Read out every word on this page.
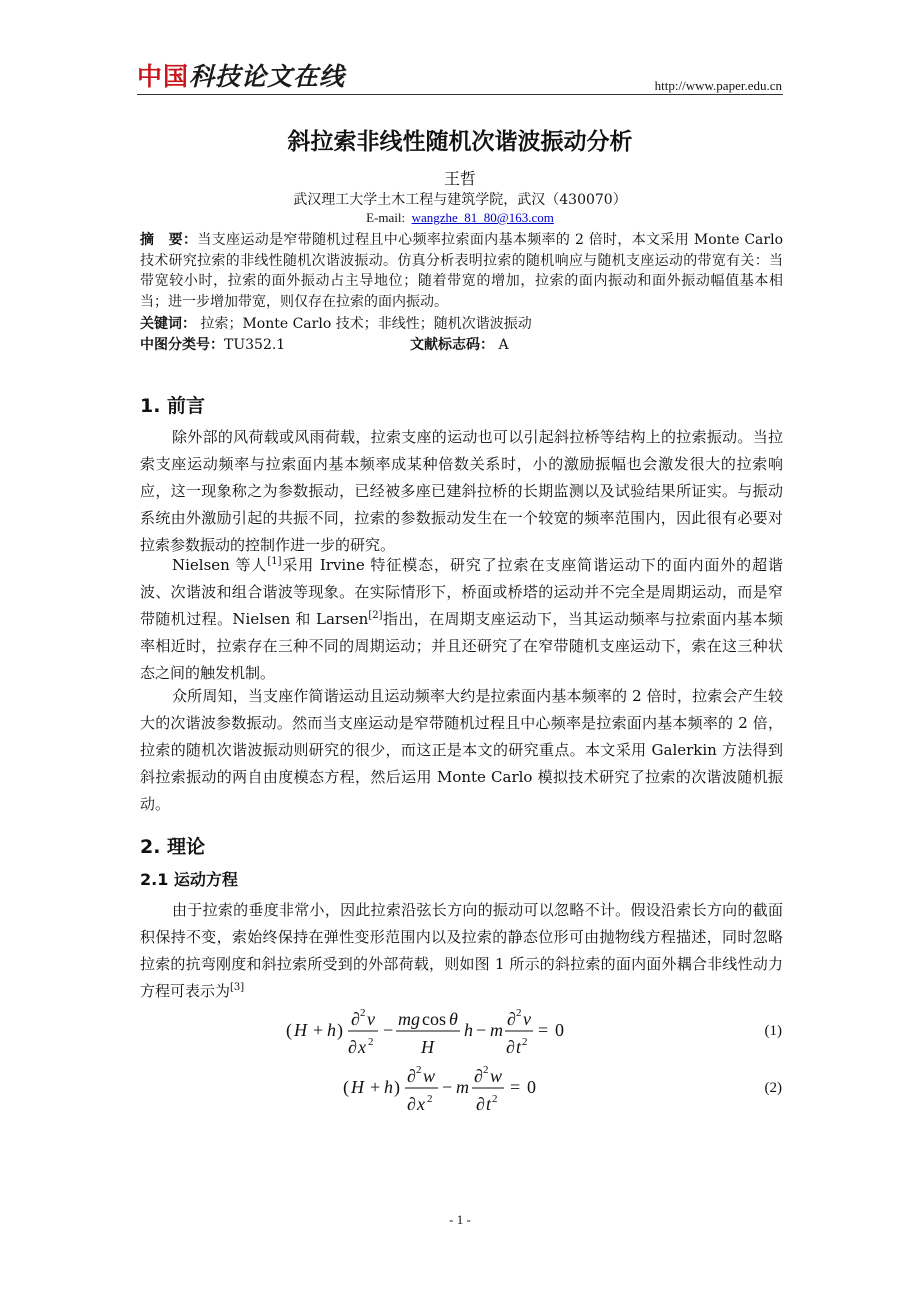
中国科技论文在线	http://www.paper.edu.cn
斜拉索非线性随机次谐波振动分析
王哲
武汉理工大学土木工程与建筑学院，武汉（430070）
E-mail: wangzhe_81_80@163.com
摘　要：当支座运动是窄带随机过程且中心频率拉索面内基本频率的 2 倍时，本文采用 Monte Carlo 技术研究拉索的非线性随机次谐波振动。仿真分析表明拉索的随机响应与随机支座运动的带宽有关：当带宽较小时，拉索的面外振动占主导地位；随着带宽的增加，拉索的面内振动和面外振动幅值基本相当；进一步增加带宽，则仅存在拉索的面内振动。
关键词： 拉索；Monte Carlo 技术；非线性；随机次谐波振动
中图分类号：TU352.1	文献标志码： A
1. 前言
除外部的风荷载或风雨荷载，拉索支座的运动也可以引起斜拉桥等结构上的拉索振动。当拉索支座运动频率与拉索面内基本频率成某种倍数关系时，小的激励振幅也会激发很大的拉索响应，这一现象称之为参数振动，已经被多座已建斜拉桥的长期监测以及试验结果所证实。与振动系统由外激励引起的共振不同，拉索的参数振动发生在一个较宽的频率范围内，因此很有必要对拉索参数振动的控制作进一步的研究。
Nielsen 等人[1]采用 Irvine 特征模态，研究了拉索在支座简谐运动下的面内面外的超谐波、次谐波和组合谐波等现象。在实际情形下，桥面或桥塔的运动并不完全是周期运动，而是窄带随机过程。Nielsen 和 Larsen[2]指出，在周期支座运动下，当其运动频率与拉索面内基本频率相近时，拉索存在三种不同的周期运动；并且还研究了在窄带随机支座运动下，索在这三种状态之间的触发机制。
众所周知，当支座作简谐运动且运动频率大约是拉索面内基本频率的 2 倍时，拉索会产生较大的次谐波参数振动。然而当支座运动是窄带随机过程且中心频率是拉索面内基本频率的 2 倍，拉索的随机次谐波振动则研究的很少，而这正是本文的研究重点。本文采用 Galerkin 方法得到斜拉索振动的两自由度模态方程，然后运用 Monte Carlo 模拟技术研究了拉索的次谐波随机振动。
2. 理论
2.1 运动方程
由于拉索的垂度非常小，因此拉索沿弦长方向的振动可以忽略不计。假设沿索长方向的截面积保持不变，索始终保持在弹性变形范围内以及拉索的静态位形可由抛物线方程描述，同时忽略拉索的抗弯刚度和斜拉索所受到的外部荷载，则如图 1 所示的斜拉索的面内面外耦合非线性动力方程可表示为[3]
( H + h )
∂ 2 v
∂ x 2
−
mg cos θ
H
h − m
∂ 2 v
∂ t 2
= 0	(1)
( H + h )
∂ 2 w
∂ x 2
− m
∂ 2 w
∂ t 2
= 0	(2)
- 1 -
